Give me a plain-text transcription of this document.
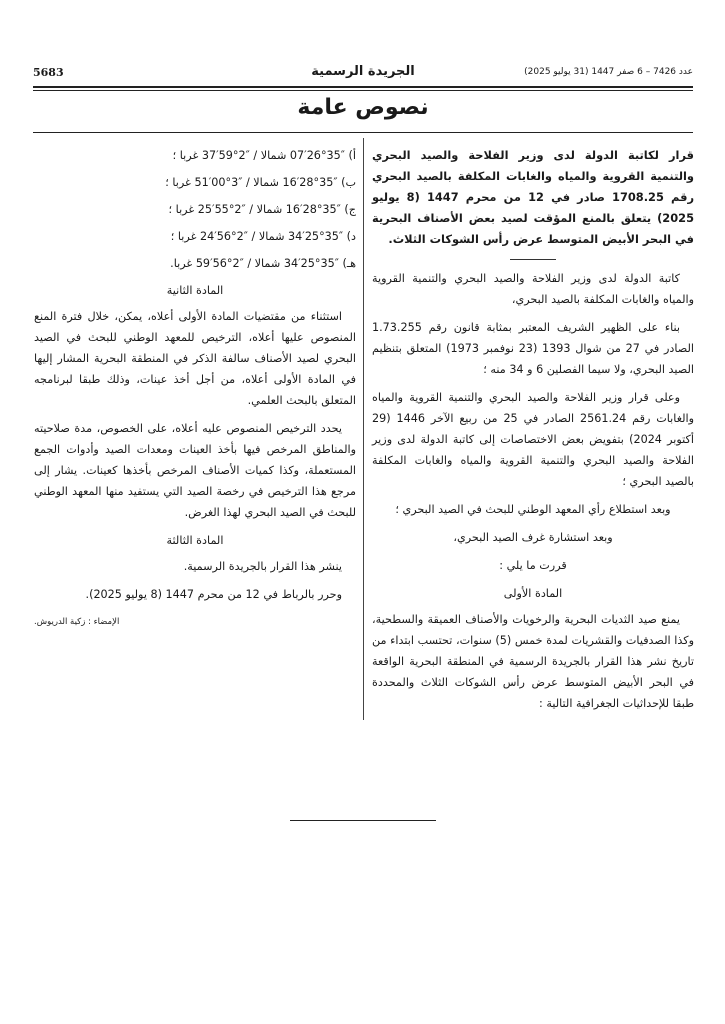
5683	الجريدة الرسمية	عدد 7426 – 6 صفر 1447 (31 يوليو 2025)
نصوص عامة

قرار لكاتبة الدولة لدى وزير الفلاحة والصيد البحري والتنمية القروية والمياه والغابات المكلفة بالصيد البحري رقم 1708.25 صادر في 12 من محرم 1447 (8 يوليو 2025) يتعلق بالمنع المؤقت لصيد بعض الأصناف البحرية في البحر الأبيض المتوسط عرض رأس الشوكات الثلاث.

كاتبة الدولة لدى وزير الفلاحة والصيد البحري والتنمية القروية والمياه والغابات المكلفة بالصيد البحري،

بناء على الظهير الشريف المعتبر بمثابة قانون رقم 1.73.255 الصادر في 27 من شوال 1393 (23 نوفمبر 1973) المتعلق بتنظيم الصيد البحري، ولا سيما الفصلين 6 و 34 منه ؛

وعلى قرار وزير الفلاحة والصيد البحري والتنمية القروية والمياه والغابات رقم 2561.24 الصادر في 25 من ربيع الآخر 1446 (29 أكتوبر 2024) بتفويض بعض الاختصاصات إلى كاتبة الدولة لدى وزير الفلاحة والصيد البحري والتنمية القروية والمياه والغابات المكلفة بالصيد البحري ؛

وبعد استطلاع رأي المعهد الوطني للبحث في الصيد البحري ؛

وبعد استشارة غرف الصيد البحري،

قررت ما يلي :

المادة الأولى

يمنع صيد الثديات البحرية والرخويات والأصناف العميقة والسطحية، وكذا الصدفيات والقشريات لمدة خمس (5) سنوات، تحتسب ابتداء من تاريخ نشر هذا القرار بالجريدة الرسمية في المنطقة البحرية الواقعة في البحر الأبيض المتوسط عرض رأس الشوكات الثلاث والمحددة طبقا للإحداثيات الجغرافية التالية :

أ) ″35°26′07 شمالا / ″2°59′37 غربا ؛

ب) ″35°28′16 شمالا / ″3°00′51 غربا ؛

ج) ″35°28′16 شمالا / ″2°55′25 غربا ؛

د) ″35°25′34 شمالا / ″2°56′24 غربا ؛

هـ) ″35°25′34 شمالا / ″2°56′59 غربا.

المادة الثانية

استثناء من مقتضيات المادة الأولى أعلاه، يمكن، خلال فترة المنع المنصوص عليها أعلاه، الترخيص للمعهد الوطني للبحث في الصيد البحري لصيد الأصناف سالفة الذكر في المنطقة البحرية المشار إليها في المادة الأولى أعلاه، من أجل أخذ عينات، وذلك طبقا لبرنامجه المتعلق بالبحث العلمي.

يحدد الترخيص المنصوص عليه أعلاه، على الخصوص، مدة صلاحيته والمناطق المرخص فيها بأخذ العينات ومعدات الصيد وأدوات الجمع المستعملة، وكذا كميات الأصناف المرخص بأخذها كعينات. يشار إلى مرجع هذا الترخيص في رخصة الصيد التي يستفيد منها المعهد الوطني للبحث في الصيد البحري لهذا الغرض.

المادة الثالثة

ينشر هذا القرار بالجريدة الرسمية.

وحرر بالرباط في 12 من محرم 1447 (8 يوليو 2025).

الإمضاء : زكية الدريوش.
